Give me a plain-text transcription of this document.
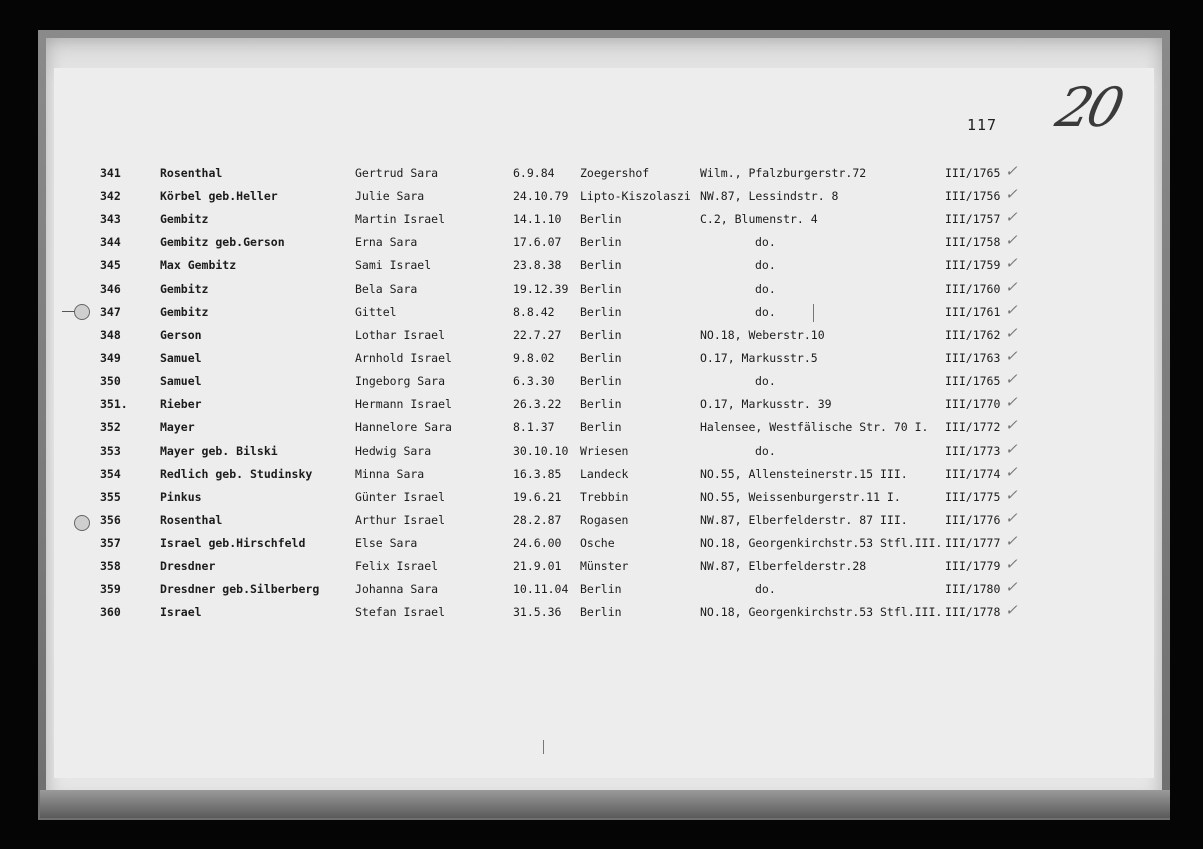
117 20
341	Rosenthal	Gertrud Sara	6.9.84 Zoegershof	Wilm., Pfalzburgerstr.72	III/1765 ✓
342	Körbel geb.Heller	Julie Sara	24.10.79 Lipto-Kiszolaszi NW.87, Lessindstr. 8	III/1756 ✓
343	Gembitz	Martin Israel	14.1.10 Berlin	C.2, Blumenstr. 4	III/1757 ✓
344	Gembitz geb.Gerson	Erna Sara	17.6.07 Berlin	do.	III/1758 ✓
345	Max Gembitz	Sami Israel	23.8.38 Berlin	do.	III/1759 ✓
346	Gembitz	Bela Sara	19.12.39 Berlin	do.	III/1760 ✓
347	Gembitz	Gittel	8.8.42 Berlin	do.	III/1761 ✓
348	Gerson	Lothar Israel	22.7.27 Berlin	NO.18, Weberstr.10	III/1762 ✓
349	Samuel	Arnhold Israel	9.8.02 Berlin	O.17, Markusstr.5	III/1763 ✓
350	Samuel	Ingeborg Sara	6.3.30 Berlin	do.	III/1765 ✓
351.	Rieber	Hermann Israel	26.3.22 Berlin	O.17, Markusstr. 39	III/1770 ✓
352	Mayer	Hannelore Sara	8.1.37 Berlin	Halensee, Westfälische Str. 70 I. III/1772 ✓
353	Mayer geb. Bilski	Hedwig Sara	30.10.10 Wriesen	do.	III/1773 ✓
354	Redlich geb. Studinsky	Minna Sara	16.3.85 Landeck	NO.55, Allensteinerstr.15 III.	III/1774 ✓
355	Pinkus	Günter Israel	19.6.21 Trebbin	NO.55, Weissenburgerstr.11 I.	III/1775 ✓
356	Rosenthal	Arthur Israel	28.2.87 Rogasen	NW.87, Elberfelderstr. 87 III.	III/1776 ✓
357	Israel geb.Hirschfeld	Else Sara	24.6.00 Osche	NO.18, Georgenkirchstr.53 Stfl.III. III/1777 ✓
358	Dresdner	Felix Israel	21.9.01 Münster	NW.87, Elberfelderstr.28	III/1779 ✓
359	Dresdner geb.Silberberg	Johanna Sara	10.11.04 Berlin	do.	III/1780 ✓
360	Israel	Stefan Israel	31.5.36 Berlin	NO.18, Georgenkirchstr.53 Stfl.III. III/1778 ✓
